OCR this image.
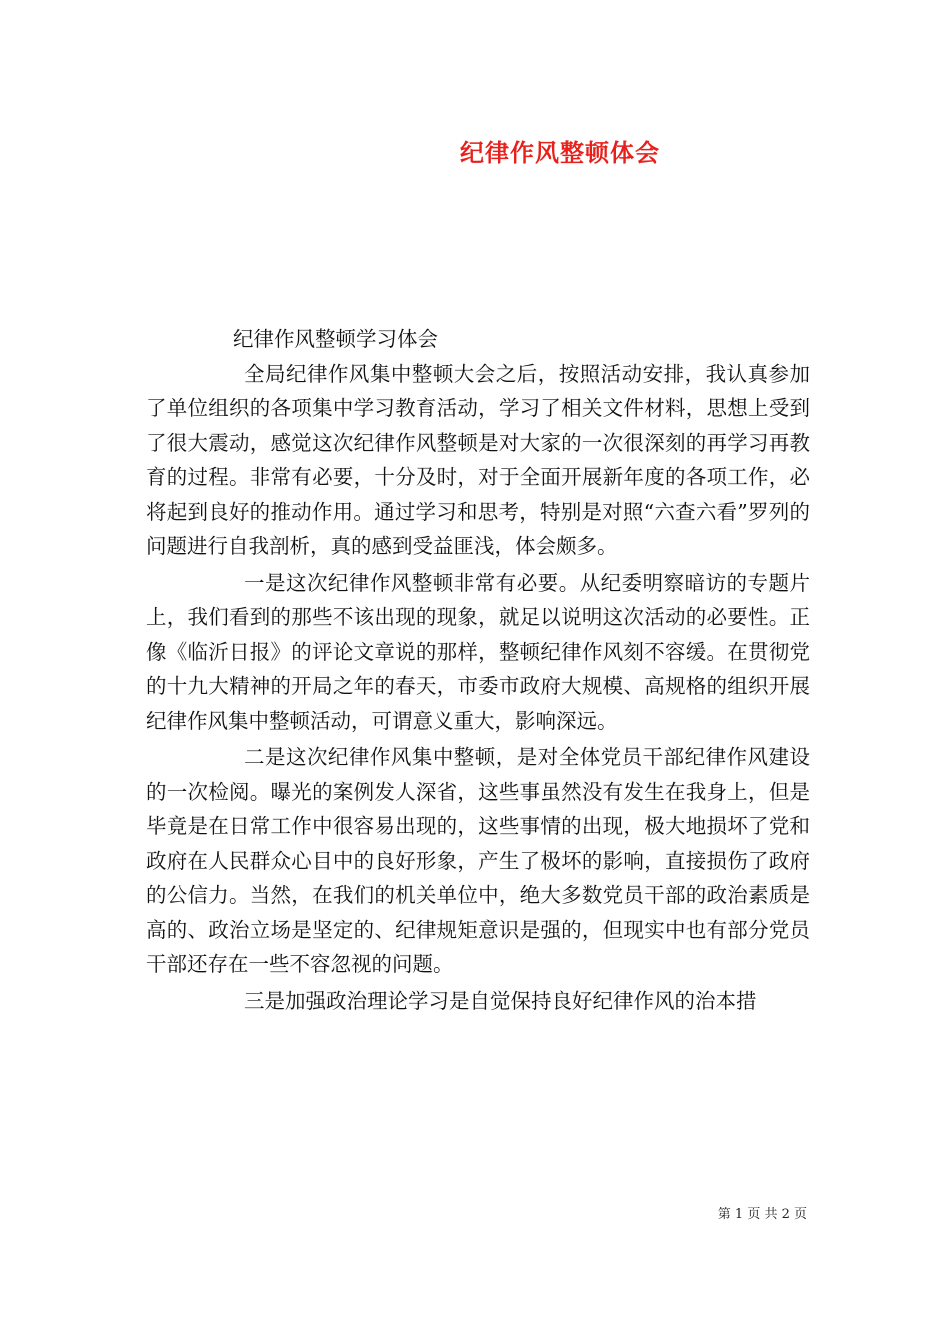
纪律作风整顿体会

纪律作风整顿学习体会

全局纪律作风集中整顿大会之后，按照活动安排，我认真参加了单位组织的各项集中学习教育活动，学习了相关文件材料，思想上受到了很大震动，感觉这次纪律作风整顿是对大家的一次很深刻的再学习再教育的过程。非常有必要，十分及时，对于全面开展新年度的各项工作，必将起到良好的推动作用。通过学习和思考，特别是对照“六查六看”罗列的问题进行自我剖析，真的感到受益匪浅，体会颇多。

一是这次纪律作风整顿非常有必要。从纪委明察暗访的专题片上，我们看到的那些不该出现的现象，就足以说明这次活动的必要性。正像《临沂日报》的评论文章说的那样，整顿纪律作风刻不容缓。在贯彻党的十九大精神的开局之年的春天，市委市政府大规模、高规格的组织开展纪律作风集中整顿活动，可谓意义重大，影响深远。

二是这次纪律作风集中整顿，是对全体党员干部纪律作风建设的一次检阅。曝光的案例发人深省，这些事虽然没有发生在我身上，但是毕竟是在日常工作中很容易出现的，这些事情的出现，极大地损坏了党和政府在人民群众心目中的良好形象，产生了极坏的影响，直接损伤了政府的公信力。当然，在我们的机关单位中，绝大多数党员干部的政治素质是高的、政治立场是坚定的、纪律规矩意识是强的，但现实中也有部分党员干部还存在一些不容忽视的问题。

三是加强政治理论学习是自觉保持良好纪律作风的治本措

第 1 页 共 2 页
